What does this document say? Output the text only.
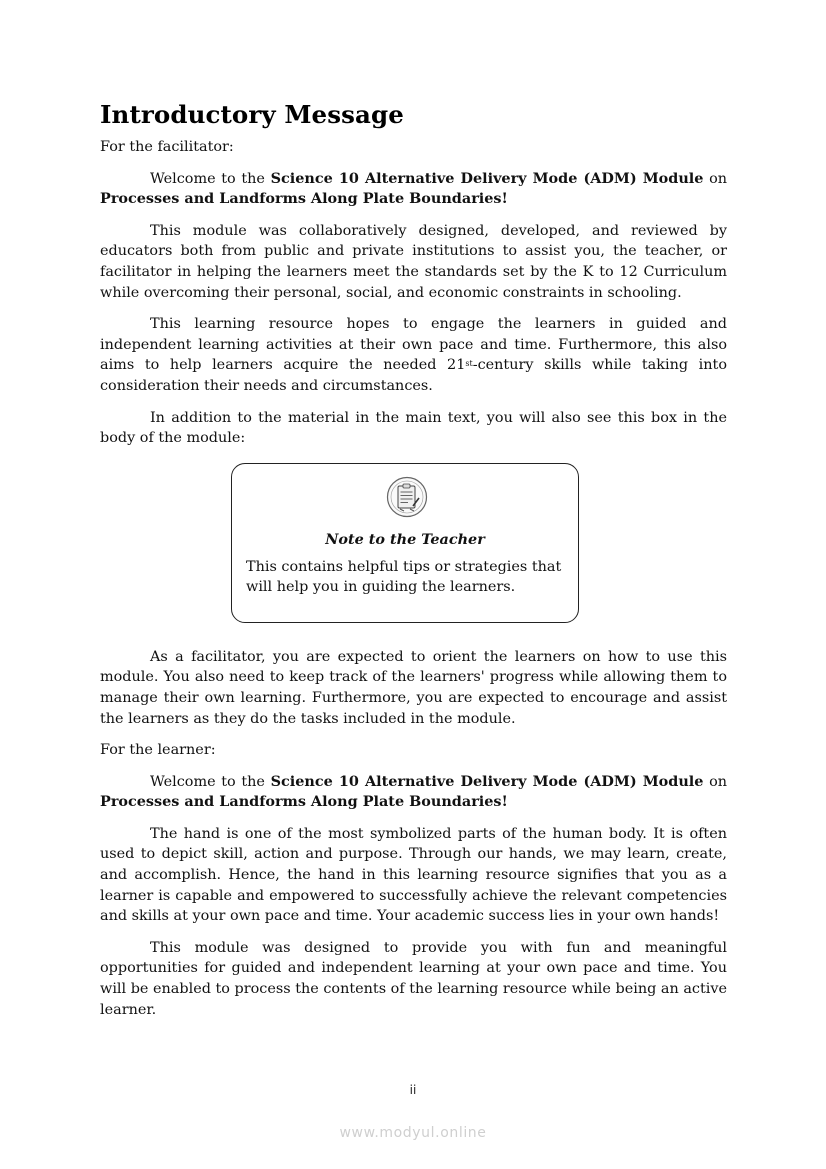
Introductory Message

For the facilitator:

Welcome to the Science 10 Alternative Delivery Mode (ADM) Module on Processes and Landforms Along Plate Boundaries!

This module was collaboratively designed, developed, and reviewed by educators both from public and private institutions to assist you, the teacher, or facilitator in helping the learners meet the standards set by the K to 12 Curriculum while overcoming their personal, social, and economic constraints in schooling.

This learning resource hopes to engage the learners in guided and independent learning activities at their own pace and time. Furthermore, this also aims to help learners acquire the needed 21st-century skills while taking into consideration their needs and circumstances.

In addition to the material in the main text, you will also see this box in the body of the module:

Note to the Teacher
This contains helpful tips or strategies that will help you in guiding the learners.

As a facilitator, you are expected to orient the learners on how to use this module. You also need to keep track of the learners' progress while allowing them to manage their own learning. Furthermore, you are expected to encourage and assist the learners as they do the tasks included in the module.

For the learner:

Welcome to the Science 10 Alternative Delivery Mode (ADM) Module on Processes and Landforms Along Plate Boundaries!

The hand is one of the most symbolized parts of the human body. It is often used to depict skill, action and purpose. Through our hands, we may learn, create, and accomplish. Hence, the hand in this learning resource signifies that you as a learner is capable and empowered to successfully achieve the relevant competencies and skills at your own pace and time. Your academic success lies in your own hands!

This module was designed to provide you with fun and meaningful opportunities for guided and independent learning at your own pace and time. You will be enabled to process the contents of the learning resource while being an active learner.

ii
www.modyul.online
